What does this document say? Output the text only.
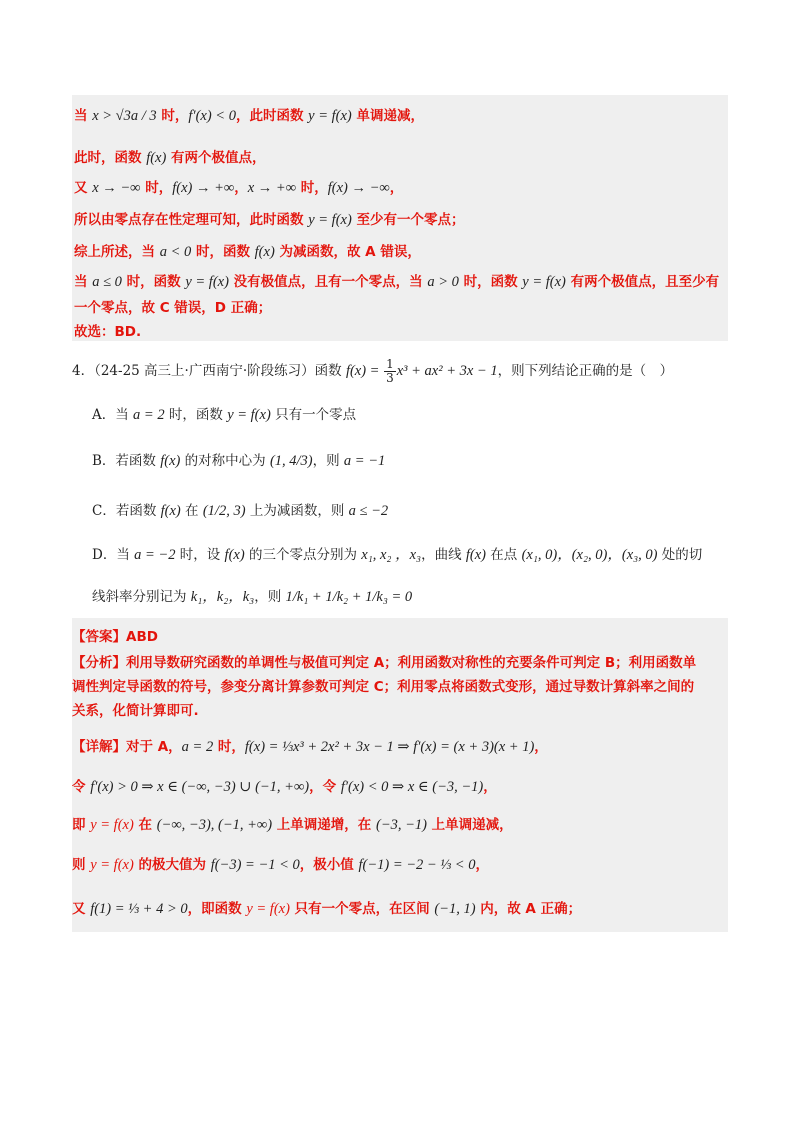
当 x > √3a / 3 时，f′(x) < 0，此时函数 y = f(x) 单调递减，
此时，函数 f(x) 有两个极值点，
又 x → −∞ 时，f(x) → +∞，x → +∞ 时，f(x) → −∞，
所以由零点存在性定理可知，此时函数 y = f(x) 至少有一个零点；
综上所述，当 a < 0 时，函数 f(x) 为减函数，故 A 错误，
当 a ≤ 0 时，函数 y = f(x) 没有极值点，且有一个零点，当 a > 0 时，函数 y = f(x) 有两个极值点，且至少有
一个零点，故 C 错误，D 正确；
故选：BD.
4．（24-25 高三上·广西南宁·阶段练习）函数 $f(x) = \frac{1}{3} x^3 + ax^2 + 3x - 1$，则下列结论正确的是（　）
A．当 a = 2 时，函数 y = f(x) 只有一个零点
B．若函数 f(x) 的对称中心为 (1, 4/3)，则 a = −1
C．若函数 f(x) 在 (1/2, 3) 上为减函数，则 a ≤ −2
D．当 a = −2 时，设 f(x) 的三个零点分别为 x₁, x₂ ，x₃，曲线 f(x) 在点 (x₁, 0)，(x₂, 0)，(x₃, 0) 处的切
线斜率分别记为 k₁，k₂，k₃，则 1/k₁ + 1/k₂ + 1/k₃ = 0
【答案】ABD
【分析】利用导数研究函数的单调性与极值可判定 A；利用函数对称性的充要条件可判定 B；利用函数单
调性判定导函数的符号，参变分离计算参数可判定 C；利用零点将函数式变形，通过导数计算斜率之间的
关系，化简计算即可.
【详解】对于 A，a = 2 时，f(x) = ⅓x³ + 2x² + 3x − 1 ⇒ f′(x) = (x + 3)(x + 1)，
令 f′(x) > 0 ⇒ x ∈ (−∞, −3) ∪ (−1, +∞)，令 f′(x) < 0 ⇒ x ∈ (−3, −1)，
即 y = f(x) 在 (−∞, −3), (−1, +∞) 上单调递增，在 (−3, −1) 上单调递减，
则 y = f(x) 的极大值为 f(−3) = −1 < 0，极小值 f(−1) = −2 − ⅓ < 0，
又 f(1) = ⅓ + 4 > 0，即函数 y = f(x) 只有一个零点，在区间 (−1, 1) 内，故 A 正确；
